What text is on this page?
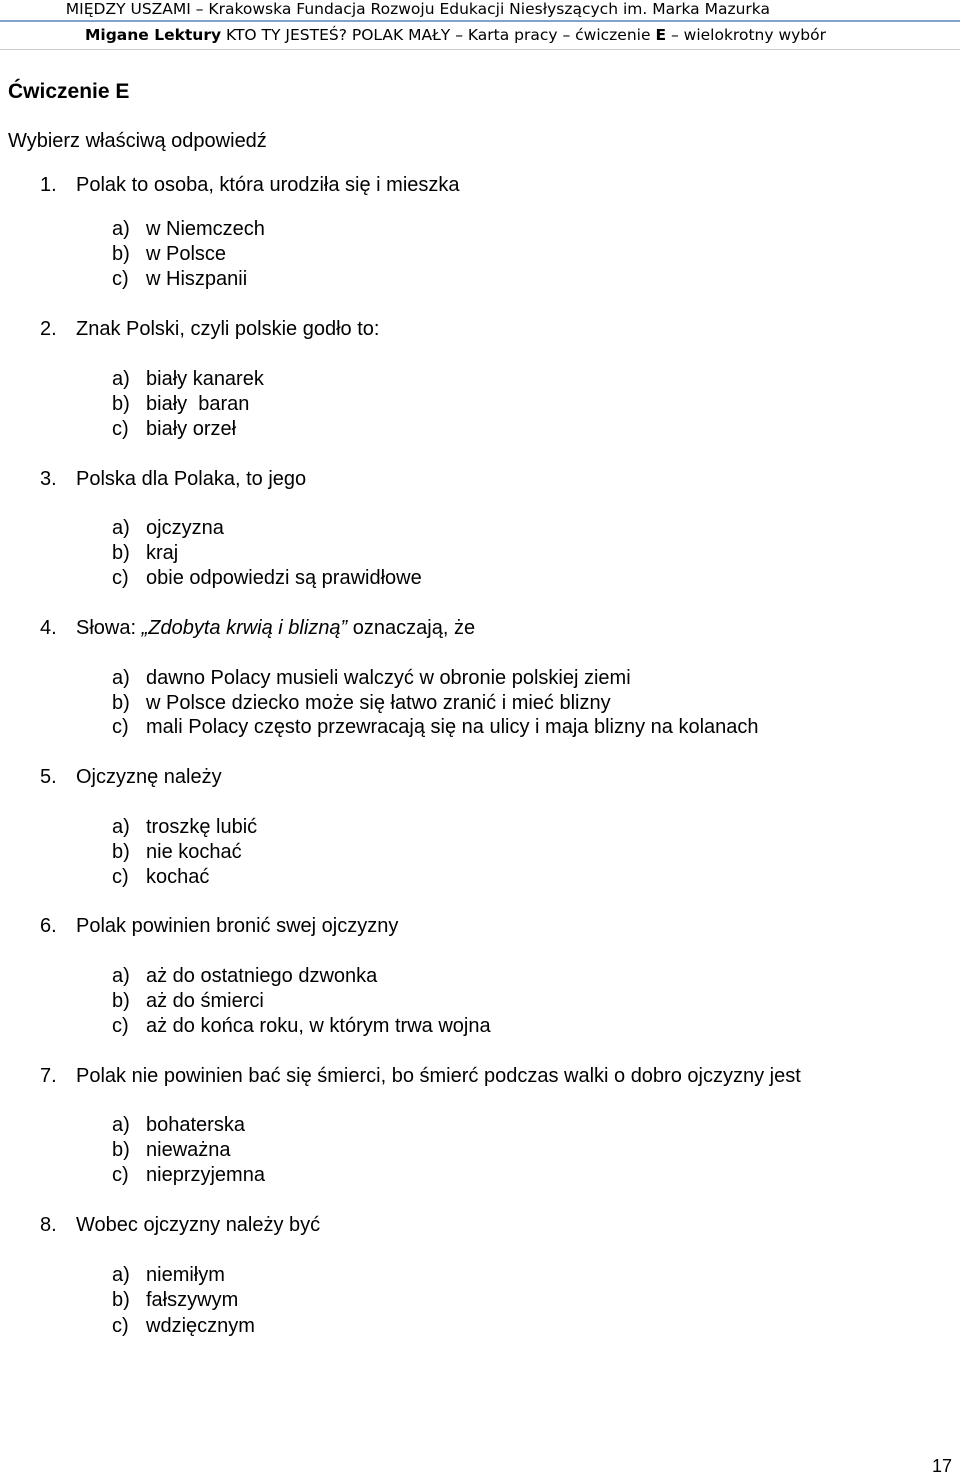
MIĘDZY USZAMI – Krakowska Fundacja Rozwoju Edukacji Niesłyszących im. Marka Mazurka
Migane Lektury KTO TY JESTEŚ? POLAK MAŁY – Karta pracy – ćwiczenie E – wielokrotny wybór
Ćwiczenie E
Wybierz właściwą odpowiedź
1. Polak to osoba, która urodziła się i mieszka
a) w Niemczech
b) w Polsce
c) w Hiszpanii
2. Znak Polski, czyli polskie godło to:
a) biały kanarek
b) biały  baran
c) biały orzeł
3. Polska dla Polaka, to jego
a) ojczyzna
b) kraj
c) obie odpowiedzi są prawidłowe
4. Słowa: „Zdobyta krwią i blizną” oznaczają, że
a) dawno Polacy musieli walczyć w obronie polskiej ziemi
b) w Polsce dziecko może się łatwo zranić i mieć blizny
c) mali Polacy często przewracają się na ulicy i maja blizny na kolanach
5. Ojczyznę należy
a) troszkę lubić
b) nie kochać
c) kochać
6. Polak powinien bronić swej ojczyzny
a) aż do ostatniego dzwonka
b) aż do śmierci
c) aż do końca roku, w którym trwa wojna
7. Polak nie powinien bać się śmierci, bo śmierć podczas walki o dobro ojczyzny jest
a) bohaterska
b) nieważna
c) nieprzyjemna
8. Wobec ojczyzny należy być
a) niemiłym
b) fałszywym
c) wdzięcznym
17
